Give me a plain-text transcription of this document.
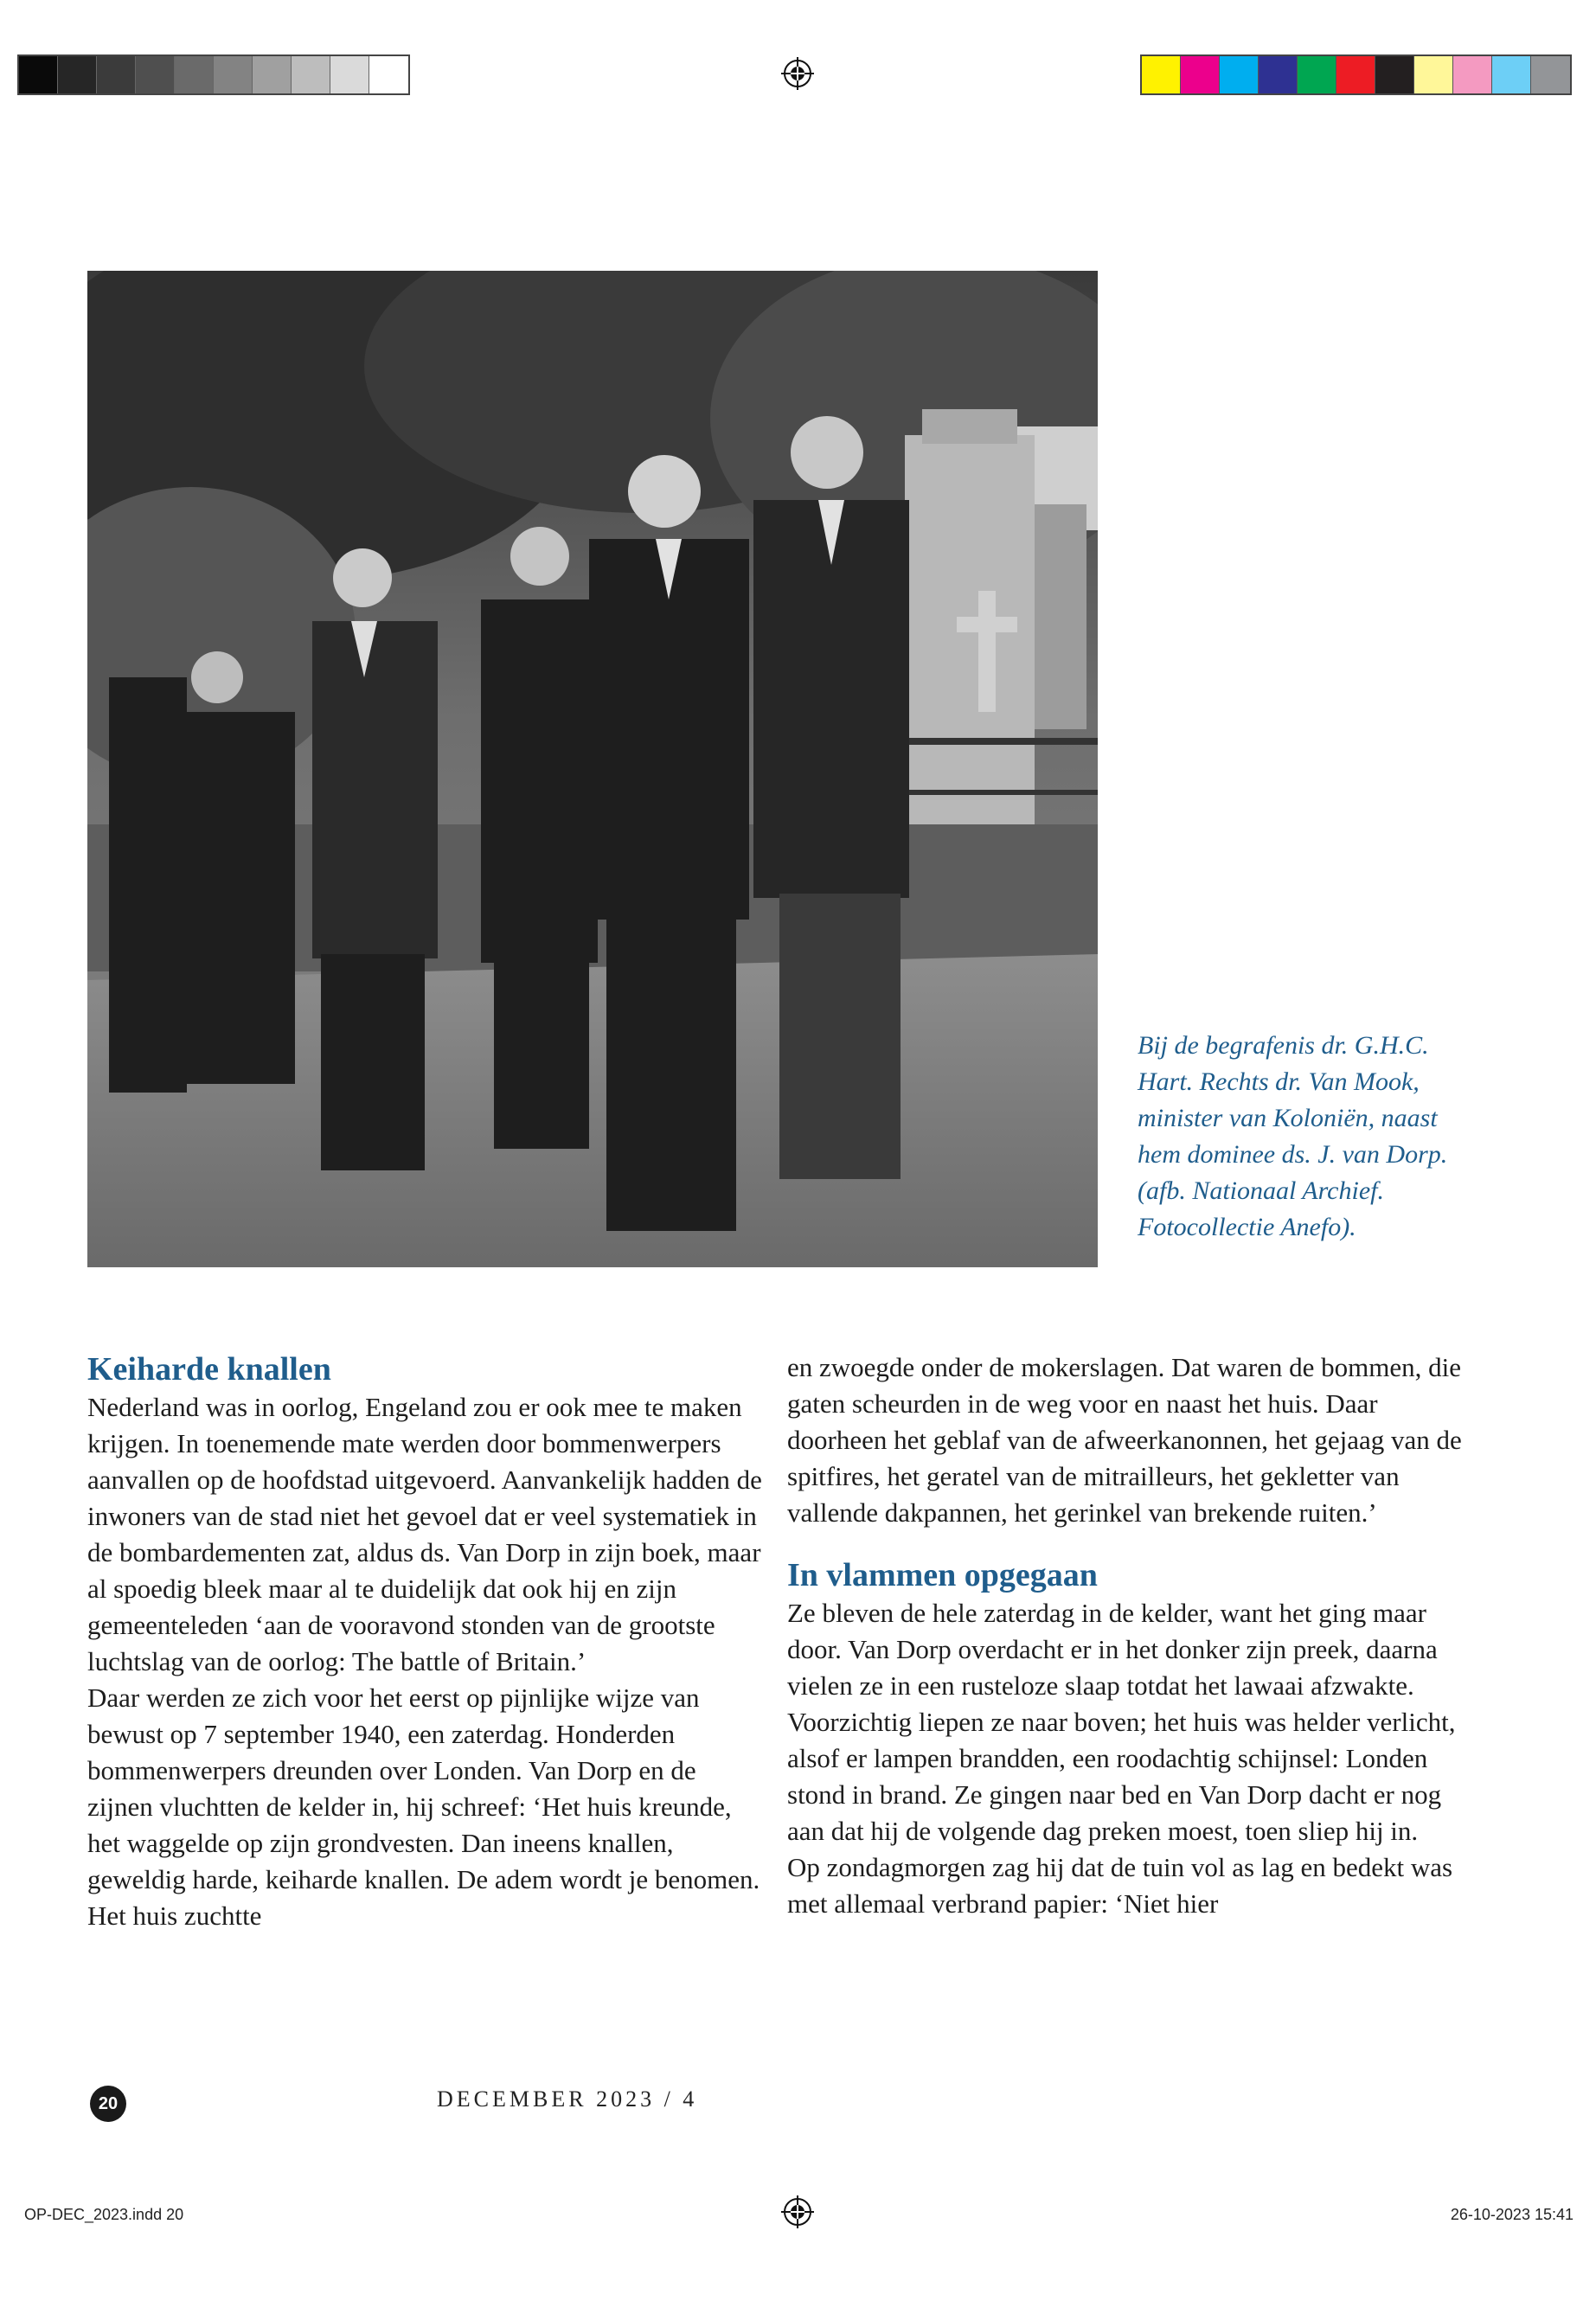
Bij de begrafenis dr. G.H.C. Hart. Rechts dr. Van Mook, minister van Koloniën, naast hem dominee ds. J. van Dorp. (afb. Nationaal Archief. Fotocollectie Anefo).

Keiharde knallen

Nederland was in oorlog, Engeland zou er ook mee te maken krijgen. In toenemende mate werden door bommenwerpers aanvallen op de hoofdstad uitgevoerd. Aanvankelijk hadden de inwoners van de stad niet het gevoel dat er veel systematiek in de bombardementen zat, aldus ds. Van Dorp in zijn boek, maar al spoedig bleek maar al te duidelijk dat ook hij en zijn gemeenteleden ‘aan de vooravond stonden van de grootste luchtslag van de oorlog: The battle of Britain.’

Daar werden ze zich voor het eerst op pijnlijke wijze van bewust op 7 september 1940, een zaterdag. Honderden bommenwerpers dreunden over Londen. Van Dorp en de zijnen vluchtten de kelder in, hij schreef: ‘Het huis kreunde, het waggelde op zijn grondvesten. Dan ineens knallen, geweldig harde, keiharde knallen. De adem wordt je benomen. Het huis zuchtte

en zwoegde onder de mokerslagen. Dat waren de bommen, die gaten scheurden in de weg voor en naast het huis. Daar doorheen het geblaf van de afweerkanonnen, het gejaag van de spitfires, het geratel van de mitrailleurs, het gekletter van vallende dakpannen, het gerinkel van brekende ruiten.’

In vlammen opgegaan

Ze bleven de hele zaterdag in de kelder, want het ging maar door. Van Dorp overdacht er in het donker zijn preek, daarna vielen ze in een rusteloze slaap totdat het lawaai afzwakte. Voorzichtig liepen ze naar boven; het huis was helder verlicht, alsof er lampen brandden, een roodachtig schijnsel: Londen stond in brand. Ze gingen naar bed en Van Dorp dacht er nog aan dat hij de volgende dag preken moest, toen sliep hij in.

Op zondagmorgen zag hij dat de tuin vol as lag en bedekt was met allemaal verbrand papier: ‘Niet hier

20	DECEMBER 2023 / 4
OP-DEC_2023.indd 20	26-10-2023 15:41
